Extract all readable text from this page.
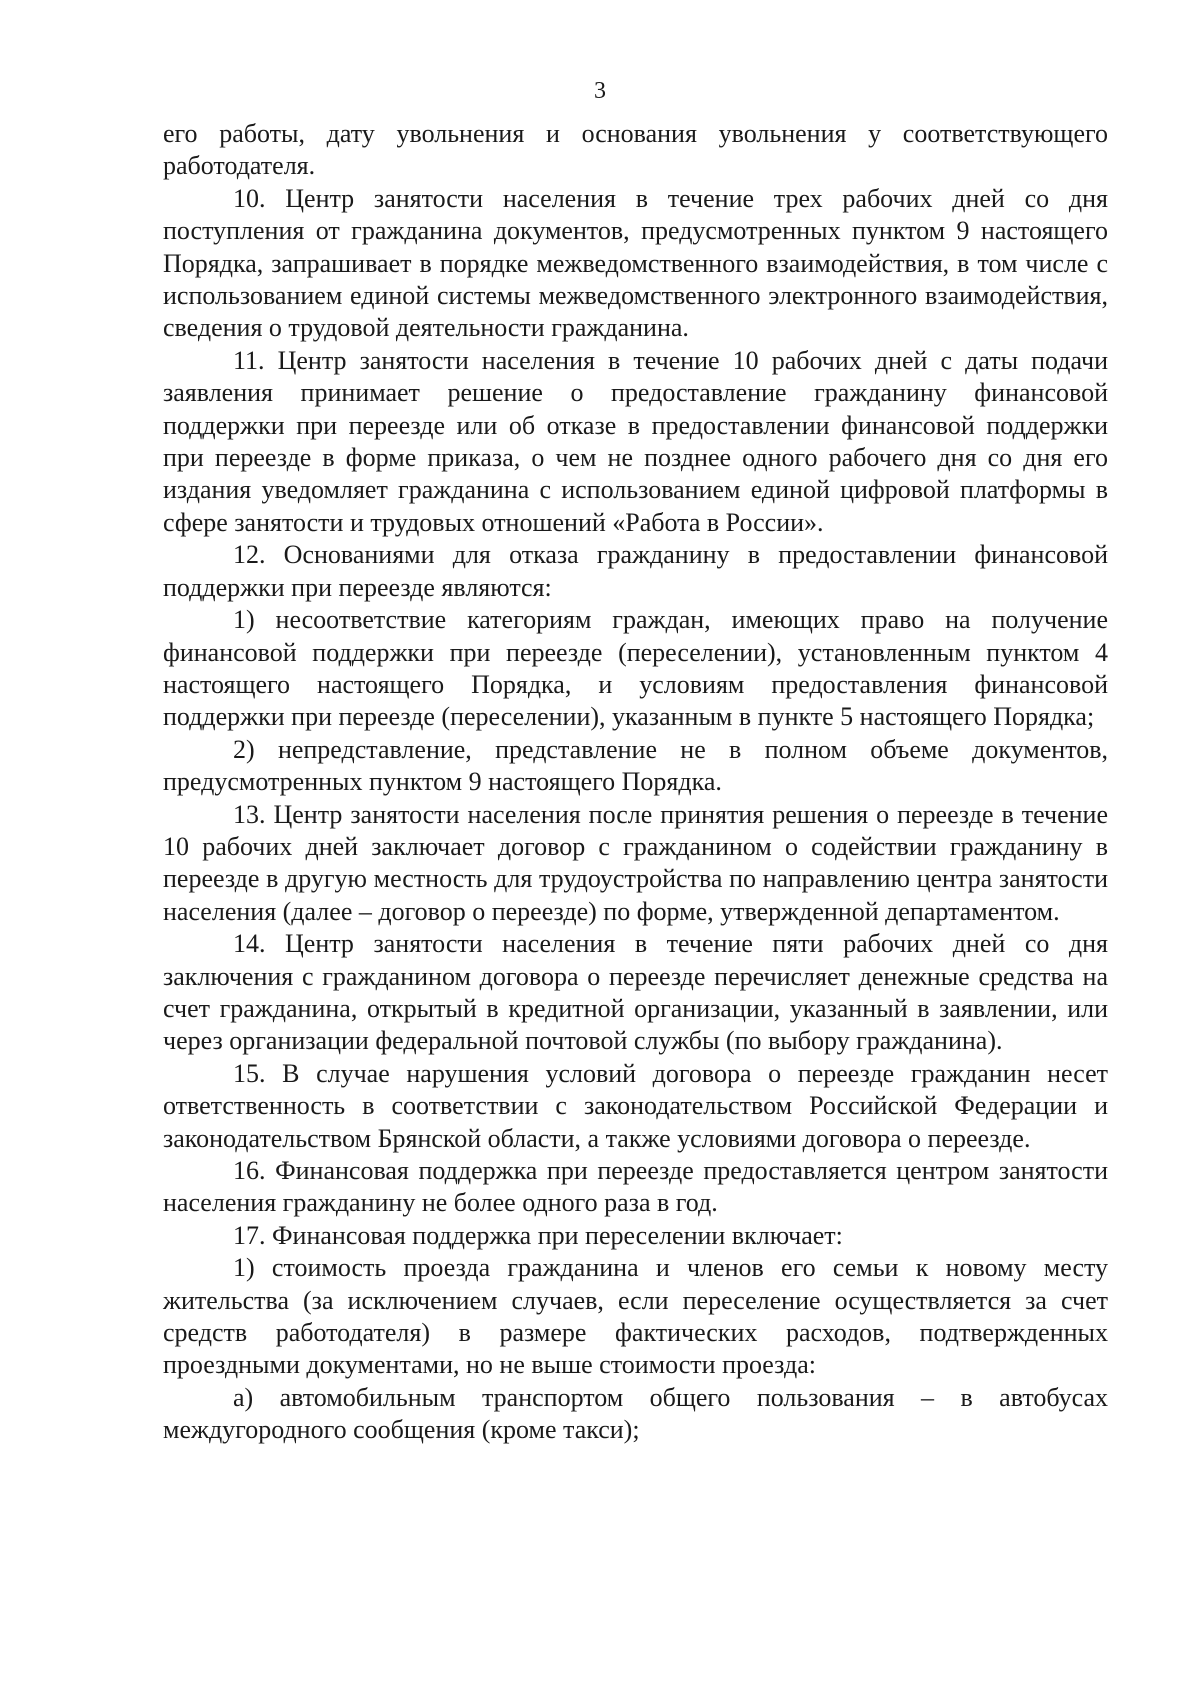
3

его работы, дату увольнения и основания увольнения у соответствующего работодателя.

10. Центр занятости населения в течение трех рабочих дней со дня поступления от гражданина документов, предусмотренных пунктом 9 настоящего Порядка, запрашивает в порядке межведомственного взаимодействия, в том числе с использованием единой системы межведомственного электронного взаимодействия, сведения о трудовой деятельности гражданина.

11. Центр занятости населения в течение 10 рабочих дней с даты подачи заявления принимает решение о предоставление гражданину финансовой поддержки при переезде или об отказе в предоставлении финансовой поддержки при переезде в форме приказа, о чем не позднее одного рабочего дня со дня его издания уведомляет гражданина с использованием единой цифровой платформы в сфере занятости и трудовых отношений «Работа в России».

12. Основаниями для отказа гражданину в предоставлении финансовой поддержки при переезде являются:

1) несоответствие категориям граждан, имеющих право на получение финансовой поддержки при переезде (переселении), установленным пунктом 4 настоящего настоящего Порядка, и условиям предоставления финансовой поддержки при переезде (переселении), указанным в пункте 5 настоящего Порядка;

2) непредставление, представление не в полном объеме документов, предусмотренных пунктом 9 настоящего Порядка.

13. Центр занятости населения после принятия решения о переезде в течение 10 рабочих дней заключает договор с гражданином о содействии гражданину в переезде в другую местность для трудоустройства по направлению центра занятости населения (далее – договор о переезде) по форме, утвержденной департаментом.

14. Центр занятости населения в течение пяти рабочих дней со дня заключения с гражданином договора о переезде перечисляет денежные средства на счет гражданина, открытый в кредитной организации, указанный в заявлении, или через организации федеральной почтовой службы (по выбору гражданина).

15. В случае нарушения условий договора о переезде гражданин несет ответственность в соответствии с законодательством Российской Федерации и законодательством Брянской области, а также условиями договора о переезде.

16. Финансовая поддержка при переезде предоставляется центром занятости населения гражданину не более одного раза в год.

17. Финансовая поддержка при переселении включает:

1) стоимость проезда гражданина и членов его семьи к новому месту жительства (за исключением случаев, если переселение осуществляется за счет средств работодателя) в размере фактических расходов, подтвержденных проездными документами, но не выше стоимости проезда:

а) автомобильным транспортом общего пользования – в автобусах междугородного сообщения (кроме такси);
